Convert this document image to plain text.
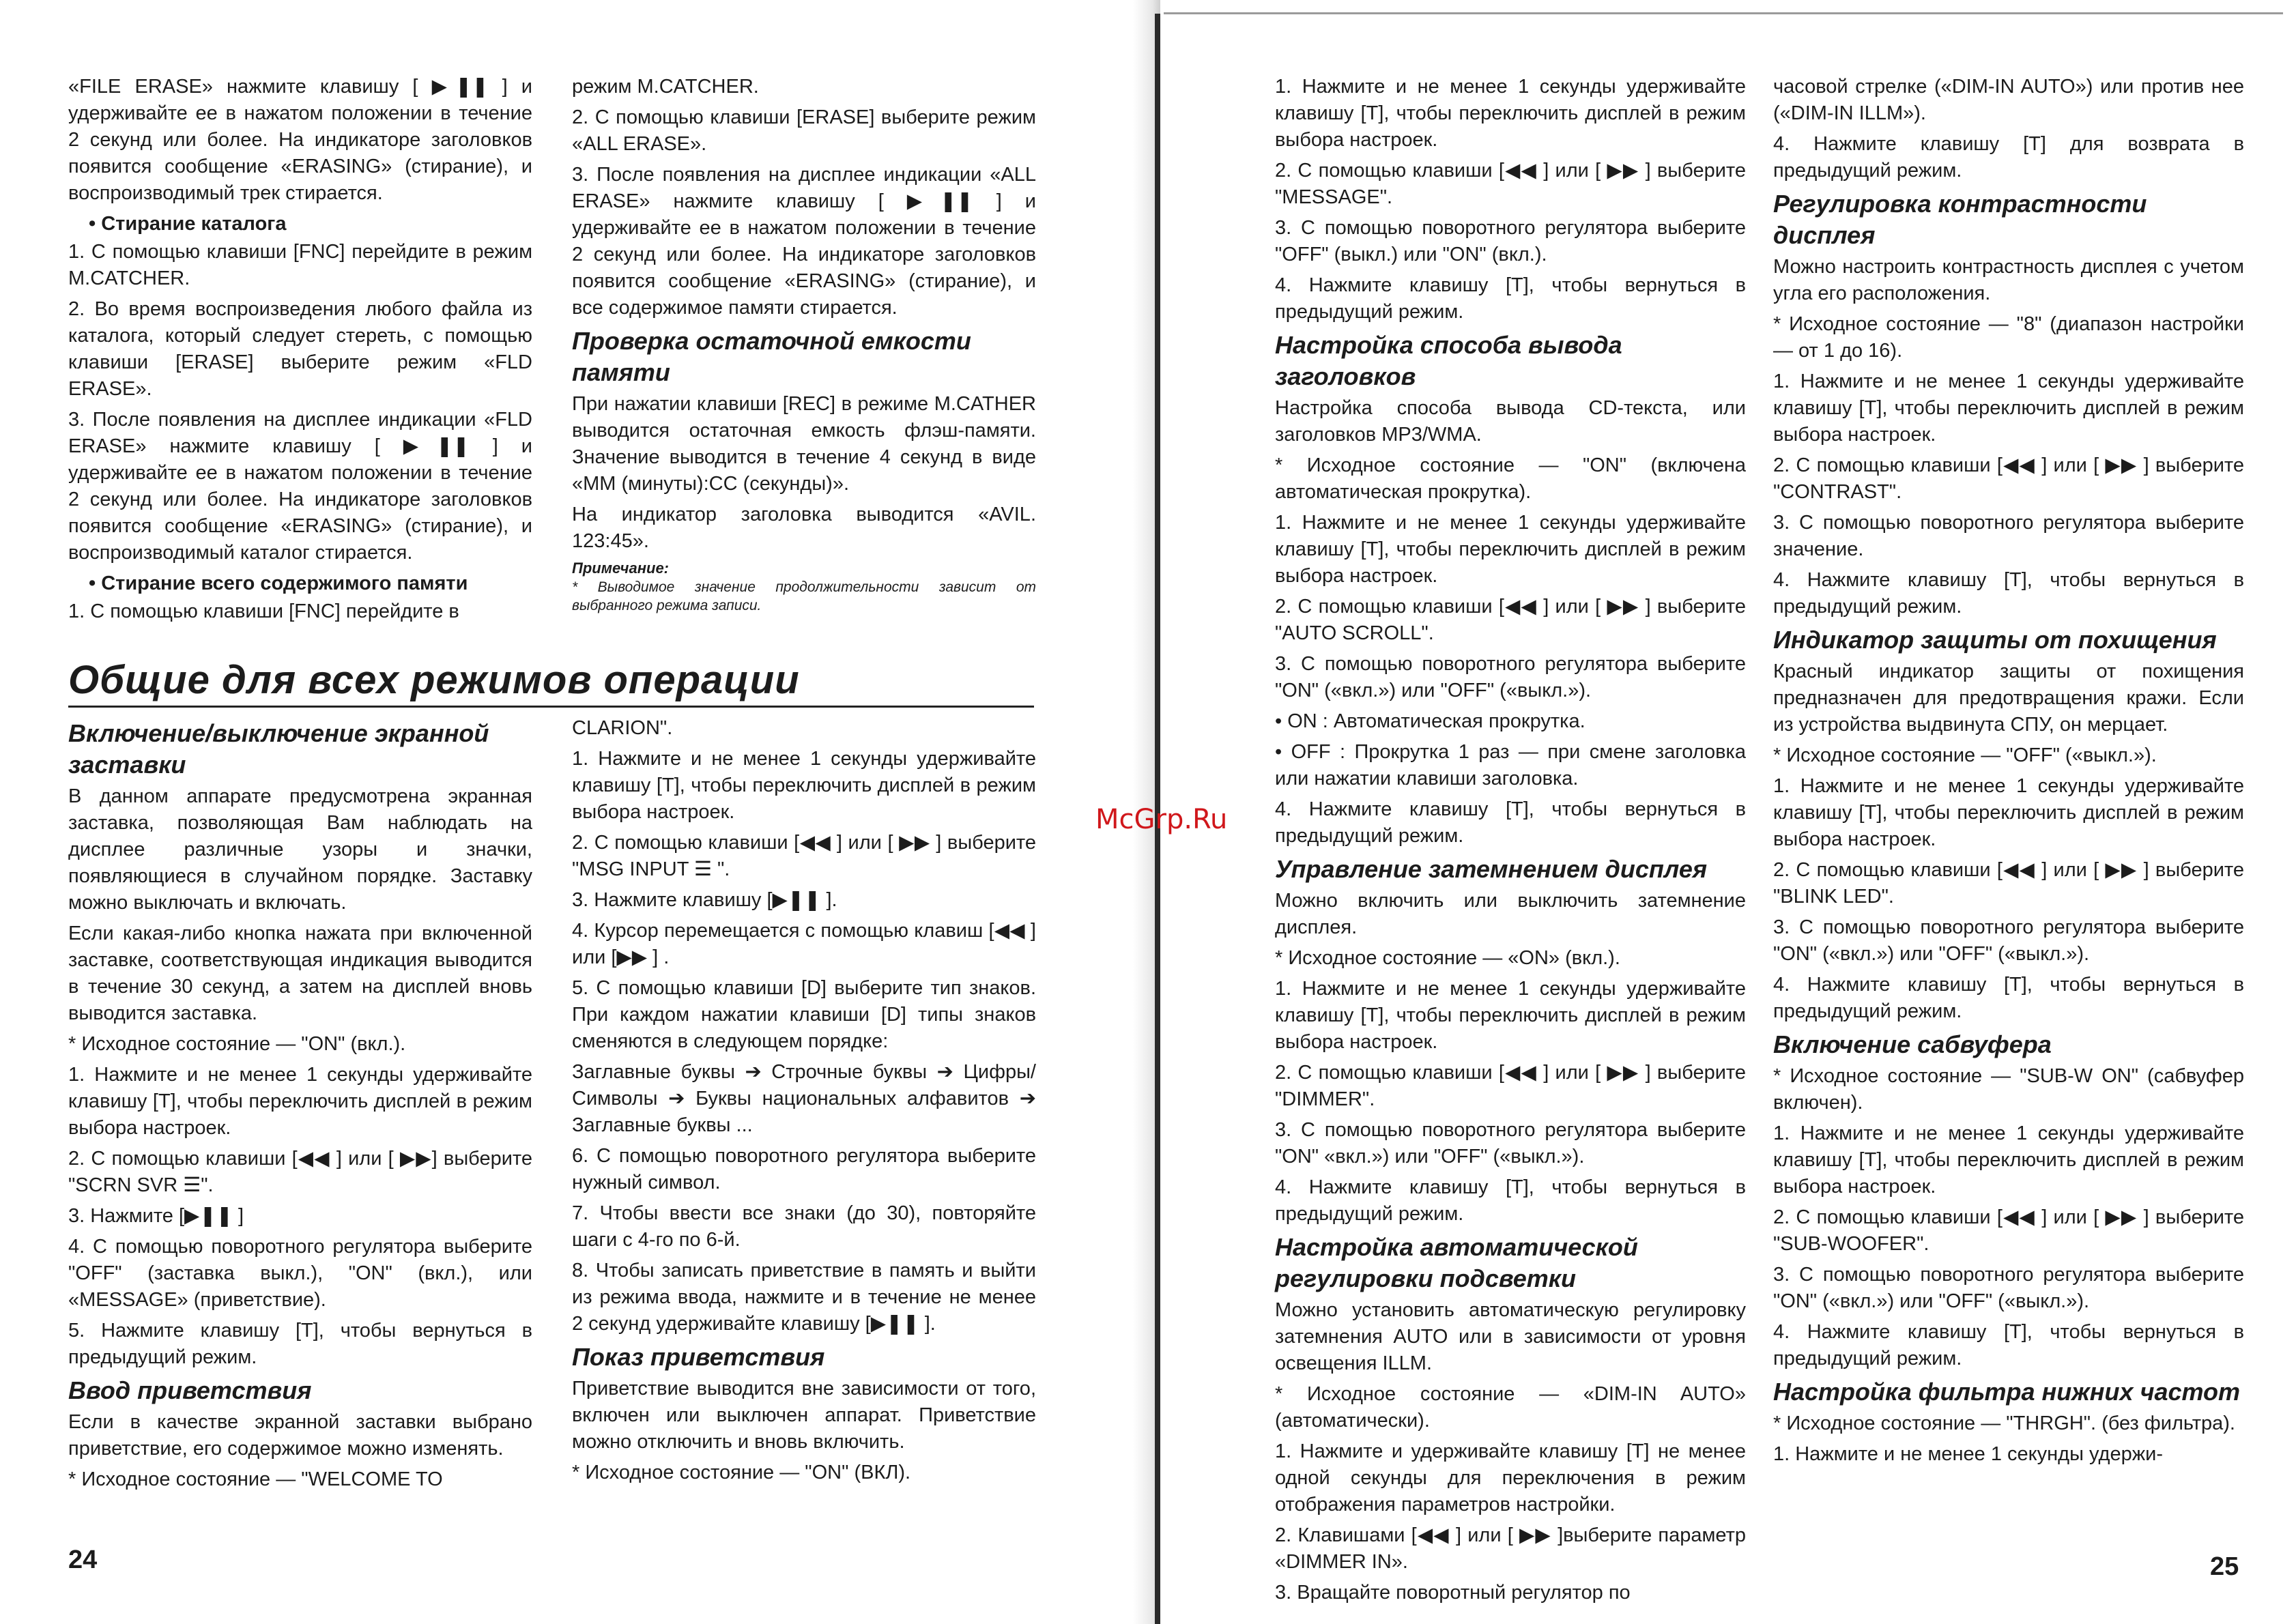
«FILE ERASE» нажмите клавишу [ ▶❚❚ ] и удерживайте ее в нажатом положении в течение 2 секунд или более. На индикаторе заголовков появится сообщение «ERASING» (стирание), и воспроизводимый трек стирается.

• Стирание каталога

1. С помощью клавиши [FNC] перейдите в режим M.CATCHER.

2. Во время воспроизведения любого файла из каталога, который следует стереть, с помощью клавиши [ERASE] выберите режим «FLD ERASE».

3. После появления на дисплее индикации «FLD ERASE» нажмите клавишу [ ▶❚❚ ] и удерживайте ее в нажатом положении в течение 2 секунд или более. На индикаторе заголовков появится сообщение «ERASING» (стирание), и воспроизводимый каталог стирается.

• Стирание всего содержимого памяти

1. С помощью клавиши [FNC] перейдите в

режим M.CATCHER.

2. С помощью клавиши [ERASE] выберите режим «ALL ERASE».

3. После появления на дисплее индикации «ALL ERASE» нажмите клавишу [ ▶❚❚ ] и удерживайте ее в нажатом положении в течение 2 секунд или более. На индикаторе заголовков появится сообщение «ERASING» (стирание), и все содержимое памяти стирается.

Проверка остаточной емкости памяти

При нажатии клавиши [REC] в режиме M.CATHER выводится остаточная емкость флэш-памяти. Значение выводится в течение 4 секунд в виде «MM (минуты):CC (секунды)».

На индикатор заголовка выводится «AVIL. 123:45».

Примечание:

* Выводимое значение продолжительности зависит от выбранного режима записи.

Общие для всех режимов операции
Включение/выключение экранной заставки

В данном аппарате предусмотрена экранная заставка, позволяющая Вам наблюдать на дисплее различные узоры и значки, появляющиеся в случайном порядке. Заставку можно выключать и включать.

Если какая-либо кнопка нажата при включенной заставке, соответствующая индикация выводится в течение 30 секунд, а затем на дисплей вновь выводится заставка.

* Исходное состояние — "ON" (вкл.).

1. Нажмите и не менее 1 секунды удерживайте клавишу [T], чтобы переключить дисплей в режим выбора настроек.

2. С помощью клавиши [◀◀ ] или [ ▶▶] выберите "SCRN SVR ☰".

3. Нажмите [▶❚❚ ]

4. С помощью поворотного регулятора выберите "OFF" (заставка выкл.), "ON" (вкл.), или «MESSAGE» (приветствие).

5. Нажмите клавишу [T], чтобы вернуться в предыдущий режим.

Ввод приветствия

Если в качестве экранной заставки выбрано приветствие, его содержимое можно изменять.

* Исходное состояние — "WELCOME TO

CLARION".

1. Нажмите и не менее 1 секунды удерживайте клавишу [T], чтобы переключить дисплей в режим выбора настроек.

2. С помощью клавиши [◀◀ ] или [ ▶▶ ] выберите "MSG INPUT ☰ ".

3. Нажмите клавишу [▶❚❚ ].

4. Курсор перемещается с помощью клавиш [◀◀ ] или [▶▶ ] .

5. С помощью клавиши [D] выберите тип знаков. При каждом нажатии клавиши [D] типы знаков сменяются в следующем порядке:

Заглавные буквы ➔ Строчные буквы ➔ Цифры/Символы ➔ Буквы национальных алфавитов ➔ Заглавные буквы ...

6. С помощью поворотного регулятора выберите нужный символ.

7. Чтобы ввести все знаки (до 30), повторяйте шаги с 4-го по 6-й.

8. Чтобы записать приветствие в память и выйти из режима ввода, нажмите и в течение не менее 2 секунд удерживайте клавишу [▶❚❚ ].

Показ приветствия

Приветствие выводится вне зависимости от того, включен или выключен аппарат. Приветствие можно отключить и вновь включить.

* Исходное состояние — "ON" (ВКЛ).

24
McGrp.Ru

1. Нажмите и не менее 1 секунды удерживайте клавишу [T], чтобы переключить дисплей в режим выбора настроек.

2. С помощью клавиши [◀◀ ] или [ ▶▶ ] выберите "MESSAGE".

3. С помощью поворотного регулятора выберите "OFF" (выкл.) или "ON" (вкл.).

4. Нажмите клавишу [T], чтобы вернуться в предыдущий режим.

Настройка способа вывода заголовков

Настройка способа вывода CD-текста, или заголовков MP3/WMA.

* Исходное состояние — "ON" (включена автоматическая прокрутка).

1. Нажмите и не менее 1 секунды удерживайте клавишу [T], чтобы переключить дисплей в режим выбора настроек.

2. С помощью клавиши [◀◀ ] или [ ▶▶ ] выберите "AUTO SCROLL".

3. С помощью поворотного регулятора выберите "ON" («вкл.») или "OFF" («выкл.»).

• ON : Автоматическая прокрутка.

• OFF : Прокрутка 1 раз — при смене заголовка или нажатии клавиши заголовка.

4. Нажмите клавишу [T], чтобы вернуться в предыдущий режим.

Управление затемнением дисплея

Можно включить или выключить затемнение дисплея.

* Исходное состояние — «ON» (вкл.).

1. Нажмите и не менее 1 секунды удерживайте клавишу [T], чтобы переключить дисплей в режим выбора настроек.

2. С помощью клавиши [◀◀ ] или [ ▶▶ ] выберите "DIMMER".

3. С помощью поворотного регулятора выберите "ON" «вкл.») или "OFF" («выкл.»).

4. Нажмите клавишу [T], чтобы вернуться в предыдущий режим.

Настройка автоматической регулировки подсветки

Можно установить автоматическую регулировку затемнения AUTO или в зависимости от уровня освещения ILLM.

* Исходное состояние — «DIM-IN AUTO» (автоматически).

1. Нажмите и удерживайте клавишу [T] не менее одной секунды для переключения в режим отображения параметров настройки.

2. Клавишами [◀◀ ] или [ ▶▶ ]выберите параметр «DIMMER IN».

3. Вращайте поворотный регулятор по

часовой стрелке («DIM-IN AUTO») или против нее («DIM-IN ILLM»).

4. Нажмите клавишу [T] для возврата в предыдущий режим.

Регулировка контрастности дисплея

Можно настроить контрастность дисплея с учетом угла его расположения.

* Исходное состояние — "8" (диапазон настройки — от 1 до 16).

1. Нажмите и не менее 1 секунды удерживайте клавишу [T], чтобы переключить дисплей в режим выбора настроек.

2. С помощью клавиши [◀◀ ] или [ ▶▶ ] выберите "CONTRAST".

3. С помощью поворотного регулятора выберите значение.

4. Нажмите клавишу [T], чтобы вернуться в предыдущий режим.

Индикатор защиты от похищения

Красный индикатор защиты от похищения предназначен для предотвращения кражи. Если из устройства выдвинута СПУ, он мерцает.

* Исходное состояние — "OFF" («выкл.»).

1. Нажмите и не менее 1 секунды удерживайте клавишу [T], чтобы переключить дисплей в режим выбора настроек.

2. С помощью клавиши [◀◀ ] или [ ▶▶ ] выберите "BLINK LED".

3. С помощью поворотного регулятора выберите "ON" («вкл.») или "OFF" («выкл.»).

4. Нажмите клавишу [T], чтобы вернуться в предыдущий режим.

Включение сабвуфера

* Исходное состояние — "SUB-W ON" (сабвуфер включен).

1. Нажмите и не менее 1 секунды удерживайте клавишу [T], чтобы переключить дисплей в режим выбора настроек.

2. С помощью клавиши [◀◀ ] или [ ▶▶ ] выберите "SUB-WOOFER".

3. С помощью поворотного регулятора выберите "ON" («вкл.») или "OFF" («выкл.»).

4. Нажмите клавишу [T], чтобы вернуться в предыдущий режим.

Настройка фильтра нижних частот

* Исходное состояние — "THRGH". (без фильтра).

1. Нажмите и не менее 1 секунды удержи-

25
